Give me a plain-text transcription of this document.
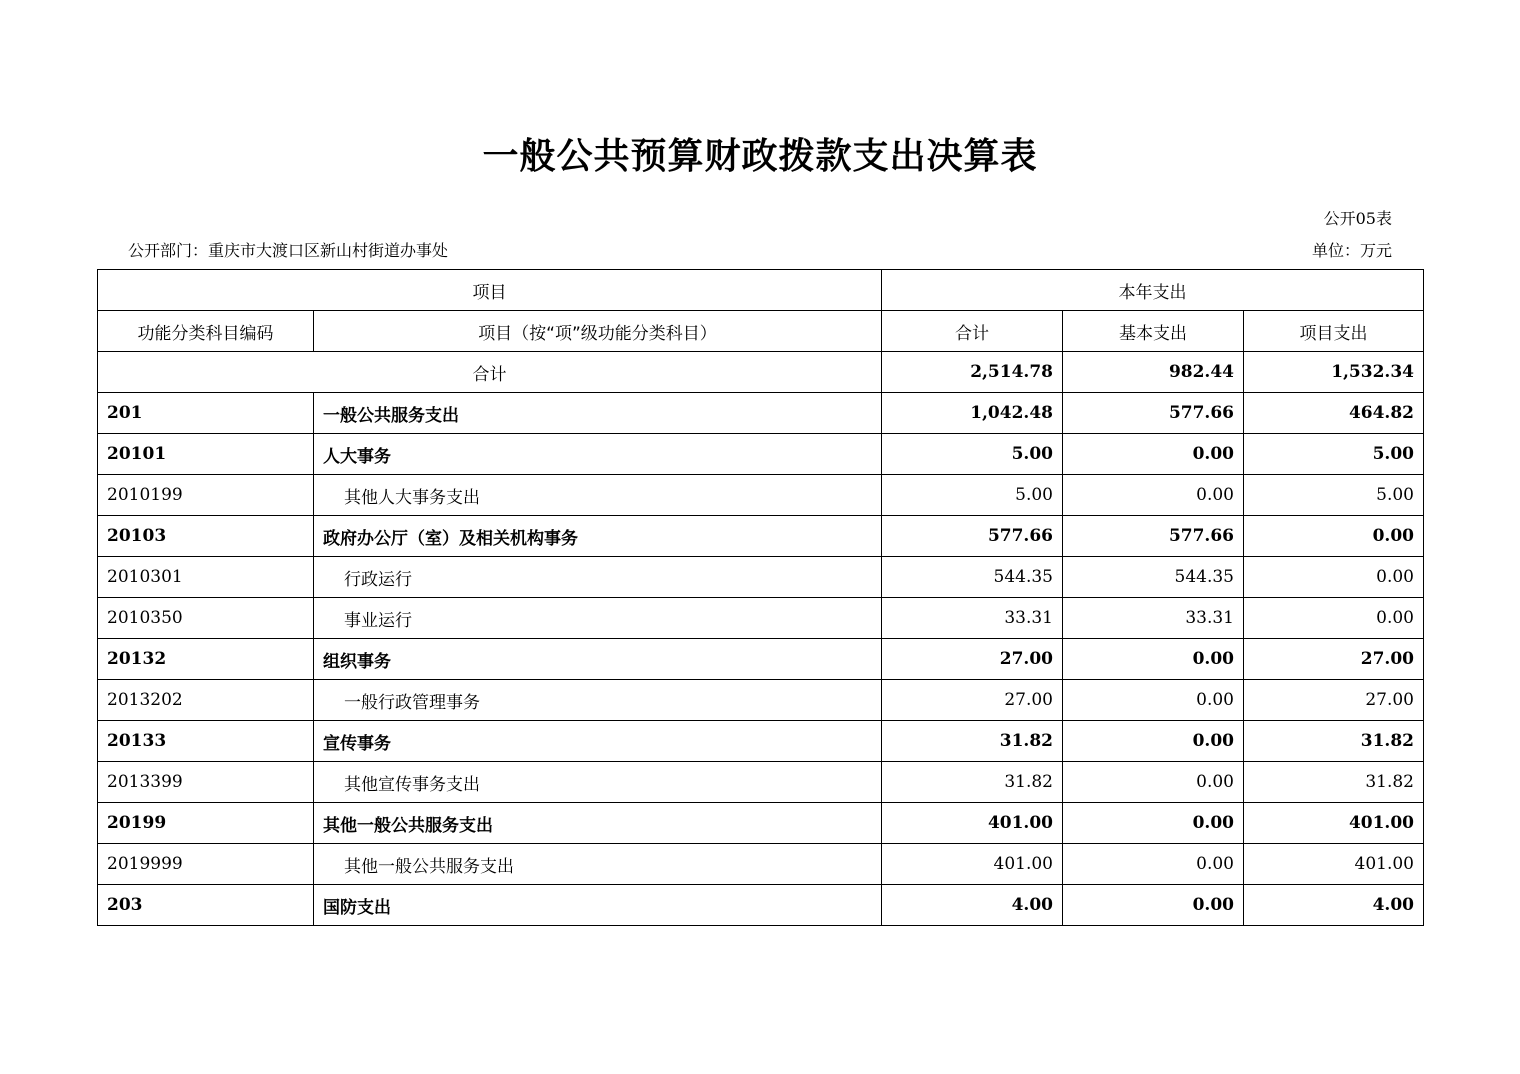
一般公共预算财政拨款支出决算表
公开05表
公开部门：重庆市大渡口区新山村街道办事处	单位：万元
项目		本年支出		
功能分类科目编码	项目（按“项”级功能分类科目）	合计	基本支出	项目支出
合计		2,514.78	982.44	1,532.34
201	一般公共服务支出	1,042.48	577.66	464.82
20101	人大事务	5.00	0.00	5.00
2010199	其他人大事务支出	5.00	0.00	5.00
20103	政府办公厅（室）及相关机构事务	577.66	577.66	0.00
2010301	行政运行	544.35	544.35	0.00
2010350	事业运行	33.31	33.31	0.00
20132	组织事务	27.00	0.00	27.00
2013202	一般行政管理事务	27.00	0.00	27.00
20133	宣传事务	31.82	0.00	31.82
2013399	其他宣传事务支出	31.82	0.00	31.82
20199	其他一般公共服务支出	401.00	0.00	401.00
2019999	其他一般公共服务支出	401.00	0.00	401.00
203	国防支出	4.00	0.00	4.00
